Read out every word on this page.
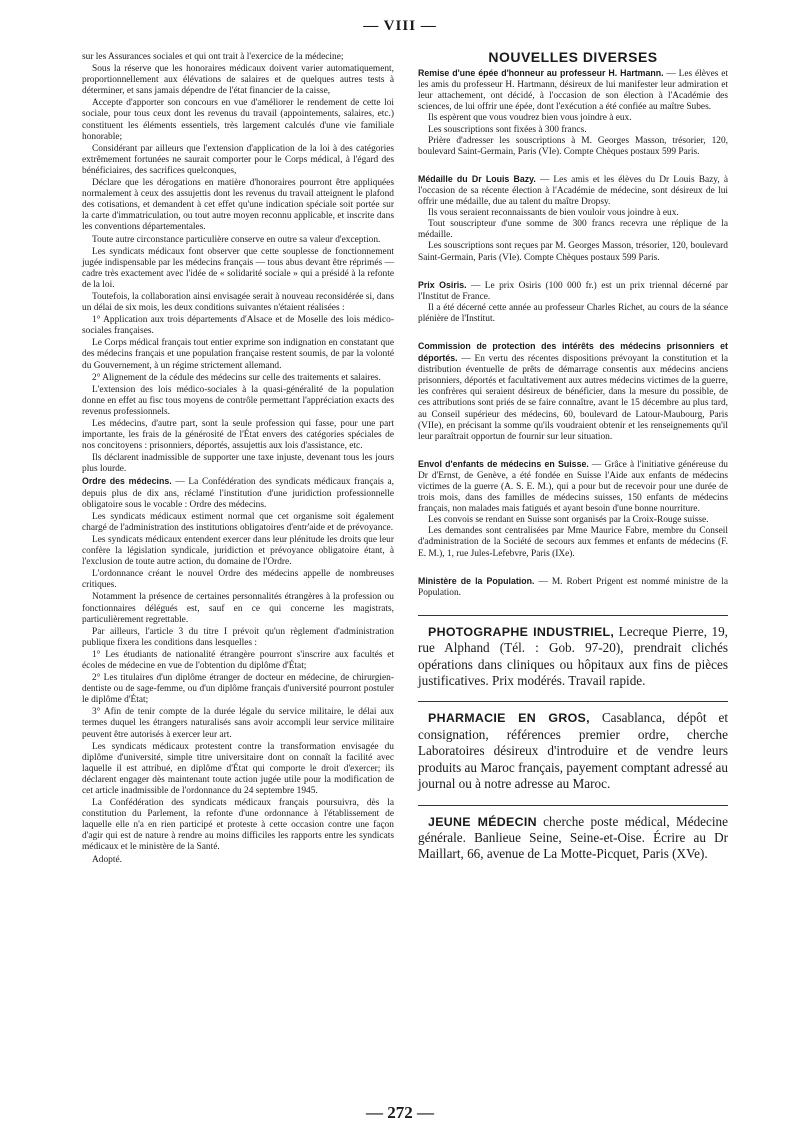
— VIII —

sur les Assurances sociales et qui ont trait à l'exercice de la médecine;

Sous la réserve que les honoraires médicaux doivent varier automatiquement, proportionnellement aux élévations de salaires et de quelques autres tests à déterminer, et sans jamais dépendre de l'état financier de la caisse,

Accepte d'apporter son concours en vue d'améliorer le rendement de cette loi sociale, pour tous ceux dont les revenus du travail (appointements, salaires, etc.) constituent les éléments essentiels, très largement calculés d'une vie familiale honorable;

Considérant par ailleurs que l'extension d'application de la loi à des catégories extrêmement fortunées ne saurait comporter pour le Corps médical, à l'égard des bénéficiaires, des sacrifices quelconques,

Déclare que les dérogations en matière d'honoraires pourront être appliquées normalement à ceux des assujettis dont les revenus du travail atteignent le plafond des cotisations, et demandent à cet effet qu'une indication spéciale soit portée sur la carte d'immatriculation, ou tout autre moyen reconnu applicable, et inscrite dans les conventions départementales.

Toute autre circonstance particulière conserve en outre sa valeur d'exception.

Les syndicats médicaux font observer que cette souplesse de fonctionnement jugée indispensable par les médecins français — tous abus devant être réprimés — cadre très exactement avec l'idée de « solidarité sociale » qui a présidé à la refonte de la loi.

Toutefois, la collaboration ainsi envisagée serait à nouveau reconsidérée si, dans un délai de six mois, les deux conditions suivantes n'étaient réalisées :

1° Application aux trois départements d'Alsace et de Moselle des lois médico-sociales françaises.

Le Corps médical français tout entier exprime son indignation en constatant que des médecins français et une population française restent soumis, de par la volonté du Gouvernement, à un régime strictement allemand.

2° Alignement de la cédule des médecins sur celle des traitements et salaires.

L'extension des lois médico-sociales à la quasi-généralité de la population donne en effet au fisc tous moyens de contrôle permettant l'appréciation exacts des revenus professionnels.

Les médecins, d'autre part, sont la seule profession qui fasse, pour une part importante, les frais de la générosité de l'État envers des catégories spéciales de nos concitoyens : prisonniers, déportés, assujettis aux lois d'assistance, etc.

Ils déclarent inadmissible de supporter une taxe injuste, devenant tous les jours plus lourde.

Ordre des médecins. — La Confédération des syndicats médicaux français a, depuis plus de dix ans, réclamé l'institution d'une juridiction professionnelle obligatoire sous le vocable : Ordre des médecins.

Les syndicats médicaux estiment normal que cet organisme soit également chargé de l'administration des institutions obligatoires d'entr'aide et de prévoyance.

Les syndicats médicaux entendent exercer dans leur plénitude les droits que leur confère la législation syndicale, juridiction et prévoyance obligatoire étant, à l'exclusion de toute autre action, du domaine de l'Ordre.

L'ordonnance créant le nouvel Ordre des médecins appelle de nombreuses critiques.

Notamment la présence de certaines personnalités étrangères à la profession ou fonctionnaires délégués est, sauf en ce qui concerne les magistrats, particulièrement regrettable.

Par ailleurs, l'article 3 du titre I prévoit qu'un règlement d'administration publique fixera les conditions dans lesquelles :

1° Les étudiants de nationalité étrangère pourront s'inscrire aux facultés et écoles de médecine en vue de l'obtention du diplôme d'État;

2° Les titulaires d'un diplôme étranger de docteur en médecine, de chirurgien-dentiste ou de sage-femme, ou d'un diplôme français d'université pourront postuler le diplôme d'État;

3° Afin de tenir compte de la durée légale du service militaire, le délai aux termes duquel les étrangers naturalisés sans avoir accompli leur service militaire peuvent être autorisés à exercer leur art.

Les syndicats médicaux protestent contre la transformation envisagée du diplôme d'université, simple titre universitaire dont on connaît la facilité avec laquelle il est attribué, en diplôme d'État qui comporte le droit d'exercer; ils déclarent engager dès maintenant toute action jugée utile pour la modification de cet article inadmissible de l'ordonnance du 24 septembre 1945.

La Confédération des syndicats médicaux français poursuivra, dès la constitution du Parlement, la refonte d'une ordonnance à l'établissement de laquelle elle n'a en rien participé et proteste à cette occasion contre une façon d'agir qui est de nature à rendre au moins difficiles les rapports entre les syndicats médicaux et le ministère de la Santé.

Adopté.

NOUVELLES DIVERSES

Remise d'une épée d'honneur au professeur H. Hartmann. — Les élèves et les amis du professeur H. Hartmann, désireux de lui manifester leur admiration et leur attachement, ont décidé, à l'occasion de son élection à l'Académie des sciences, de lui offrir une épée, dont l'exécution a été confiée au maître Subes.

Ils espèrent que vous voudrez bien vous joindre à eux.

Les souscriptions sont fixées à 300 francs.

Prière d'adresser les souscriptions à M. Georges Masson, trésorier, 120, boulevard Saint-Germain, Paris (VIe). Compte Chèques postaux 599 Paris.

Médaille du Dr Louis Bazy. — Les amis et les élèves du Dr Louis Bazy, à l'occasion de sa récente élection à l'Académie de médecine, sont désireux de lui offrir une médaille, due au talent du maître Dropsy.

Ils vous seraient reconnaissants de bien vouloir vous joindre à eux.

Tout souscripteur d'une somme de 300 francs recevra une réplique de la médaille.

Les souscriptions sont reçues par M. Georges Masson, trésorier, 120, boulevard Saint-Germain, Paris (VIe). Compte Chèques postaux 599 Paris.

Prix Osiris. — Le prix Osiris (100 000 fr.) est un prix triennal décerné par l'Institut de France.

Il a été décerné cette année au professeur Charles Richet, au cours de la séance plénière de l'Institut.

Commission de protection des intérêts des médecins prisonniers et déportés. — En vertu des récentes dispositions prévoyant la constitution et la distribution éventuelle de prêts de démarrage consentis aux médecins anciens prisonniers, déportés et facultativement aux autres médecins victimes de la guerre, les confrères qui seraient désireux de bénéficier, dans la mesure du possible, de ces attributions sont priés de se faire connaître, avant le 15 décembre au plus tard, au Conseil supérieur des médecins, 60, boulevard de Latour-Maubourg, Paris (VIIe), en précisant la somme qu'ils voudraient obtenir et les renseignements qu'il leur paraîtrait opportun de fournir sur leur situation.

Envol d'enfants de médecins en Suisse. — Grâce à l'initiative généreuse du Dr d'Ernst, de Genève, a été fondée en Suisse l'Aide aux enfants de médecins victimes de la guerre (A. S. E. M.), qui a pour but de recevoir pour une durée de trois mois, dans des familles de médecins suisses, 150 enfants de médecins français, non malades mais fatigués et ayant besoin d'une bonne nourriture.

Les convois se rendant en Suisse sont organisés par la Croix-Rouge suisse.

Les demandes sont centralisées par Mme Maurice Fabre, membre du Conseil d'administration de la Société de secours aux femmes et enfants de médecins (F. E. M.), 1, rue Jules-Lefebvre, Paris (IXe).

Ministère de la Population. — M. Robert Prigent est nommé ministre de la Population.

PHOTOGRAPHE INDUSTRIEL, Lecreque Pierre, 19, rue Alphand (Tél. : Gob. 97-20), prendrait clichés opérations dans cliniques ou hôpitaux aux fins de pièces justificatives. Prix modérés. Travail rapide.

PHARMACIE EN GROS, Casablanca, dépôt et consignation, références premier ordre, cherche Laboratoires désireux d'introduire et de vendre leurs produits au Maroc français, payement comptant adressé au journal ou à notre adresse au Maroc.

JEUNE MÉDECIN cherche poste médical, Médecine générale. Banlieue Seine, Seine-et-Oise. Écrire au Dr Maillart, 66, avenue de La Motte-Picquet, Paris (XVe).

— 272 —
